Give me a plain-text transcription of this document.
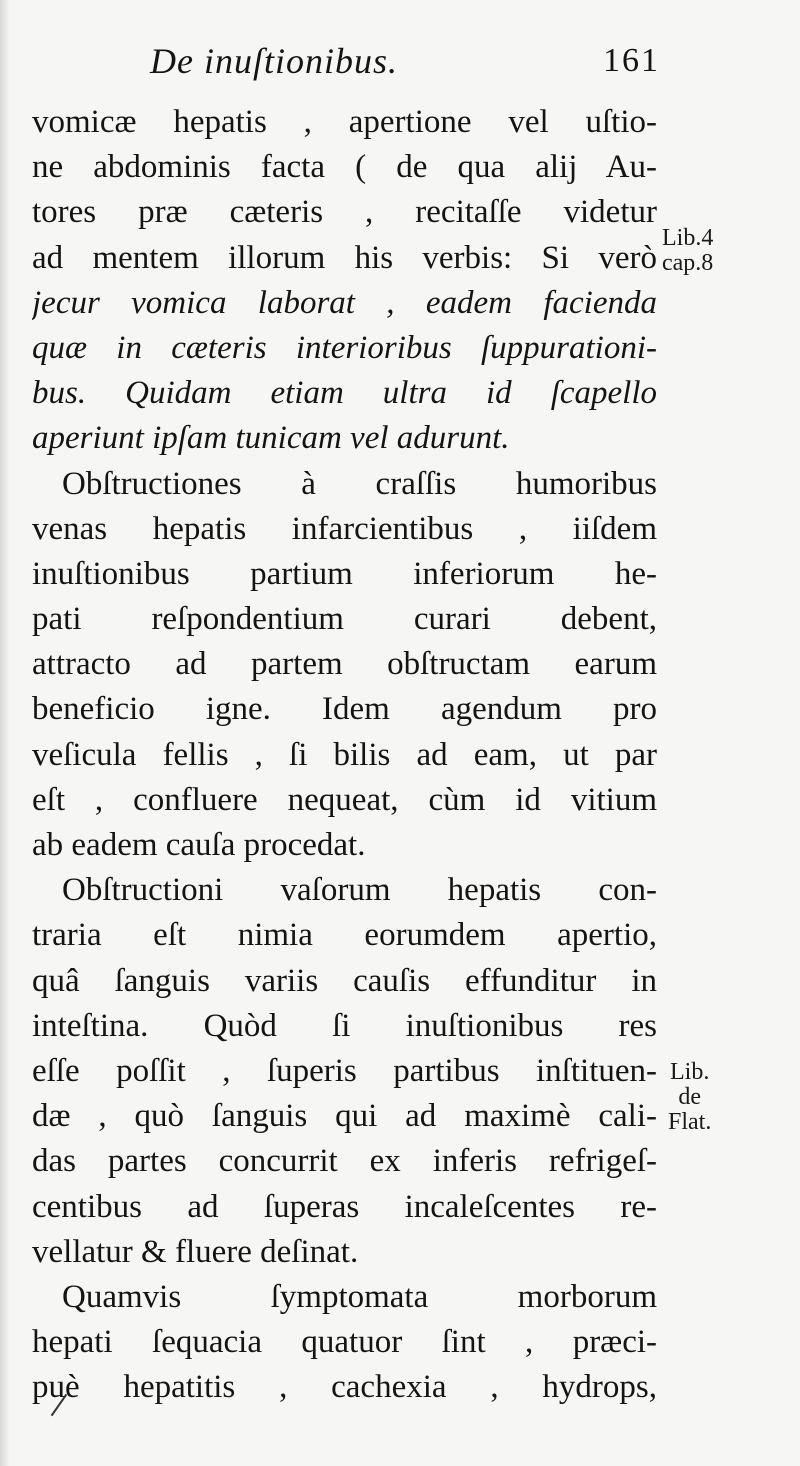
De inuſtionibus.	161
vomicæ hepatis , apertione vel uſtio-
ne abdominis facta ( de qua alij Au-
tores præ cæteris , recitaſſe videtur
ad mentem illorum his verbis: Si verò
jecur vomica laborat , eadem facienda
quæ in cæteris interioribus ſuppurationi-
bus. Quidam etiam ultra id ſcapello
aperiunt ipſam tunicam vel adurunt.
Obſtructiones à craſſis humoribus
venas hepatis infarcientibus , iiſdem
inuſtionibus partium inferiorum he-
pati reſpondentium curari debent,
attracto ad partem obſtructam earum
beneficio igne. Idem agendum pro
veſicula fellis , ſi bilis ad eam, ut par
eſt , confluere nequeat, cùm id vitium
ab eadem cauſa procedat.
Obſtructioni vaſorum hepatis con-
traria eſt nimia eorumdem apertio,
quâ ſanguis variis cauſis effunditur in
inteſtina. Quòd ſi inuſtionibus res
eſſe poſſit , ſuperis partibus inſtituen-
dæ , quò ſanguis qui ad maximè cali-
das partes concurrit ex inferis refrigeſ-
centibus ad ſuperas incaleſcentes re-
vellatur & fluere deſinat.
Quamvis ſymptomata morborum
hepati ſequacia quatuor ſint , præci-
puè hepatitis , cachexia , hydrops,
Lib.4
cap.8
Lib.
de
Flat.
